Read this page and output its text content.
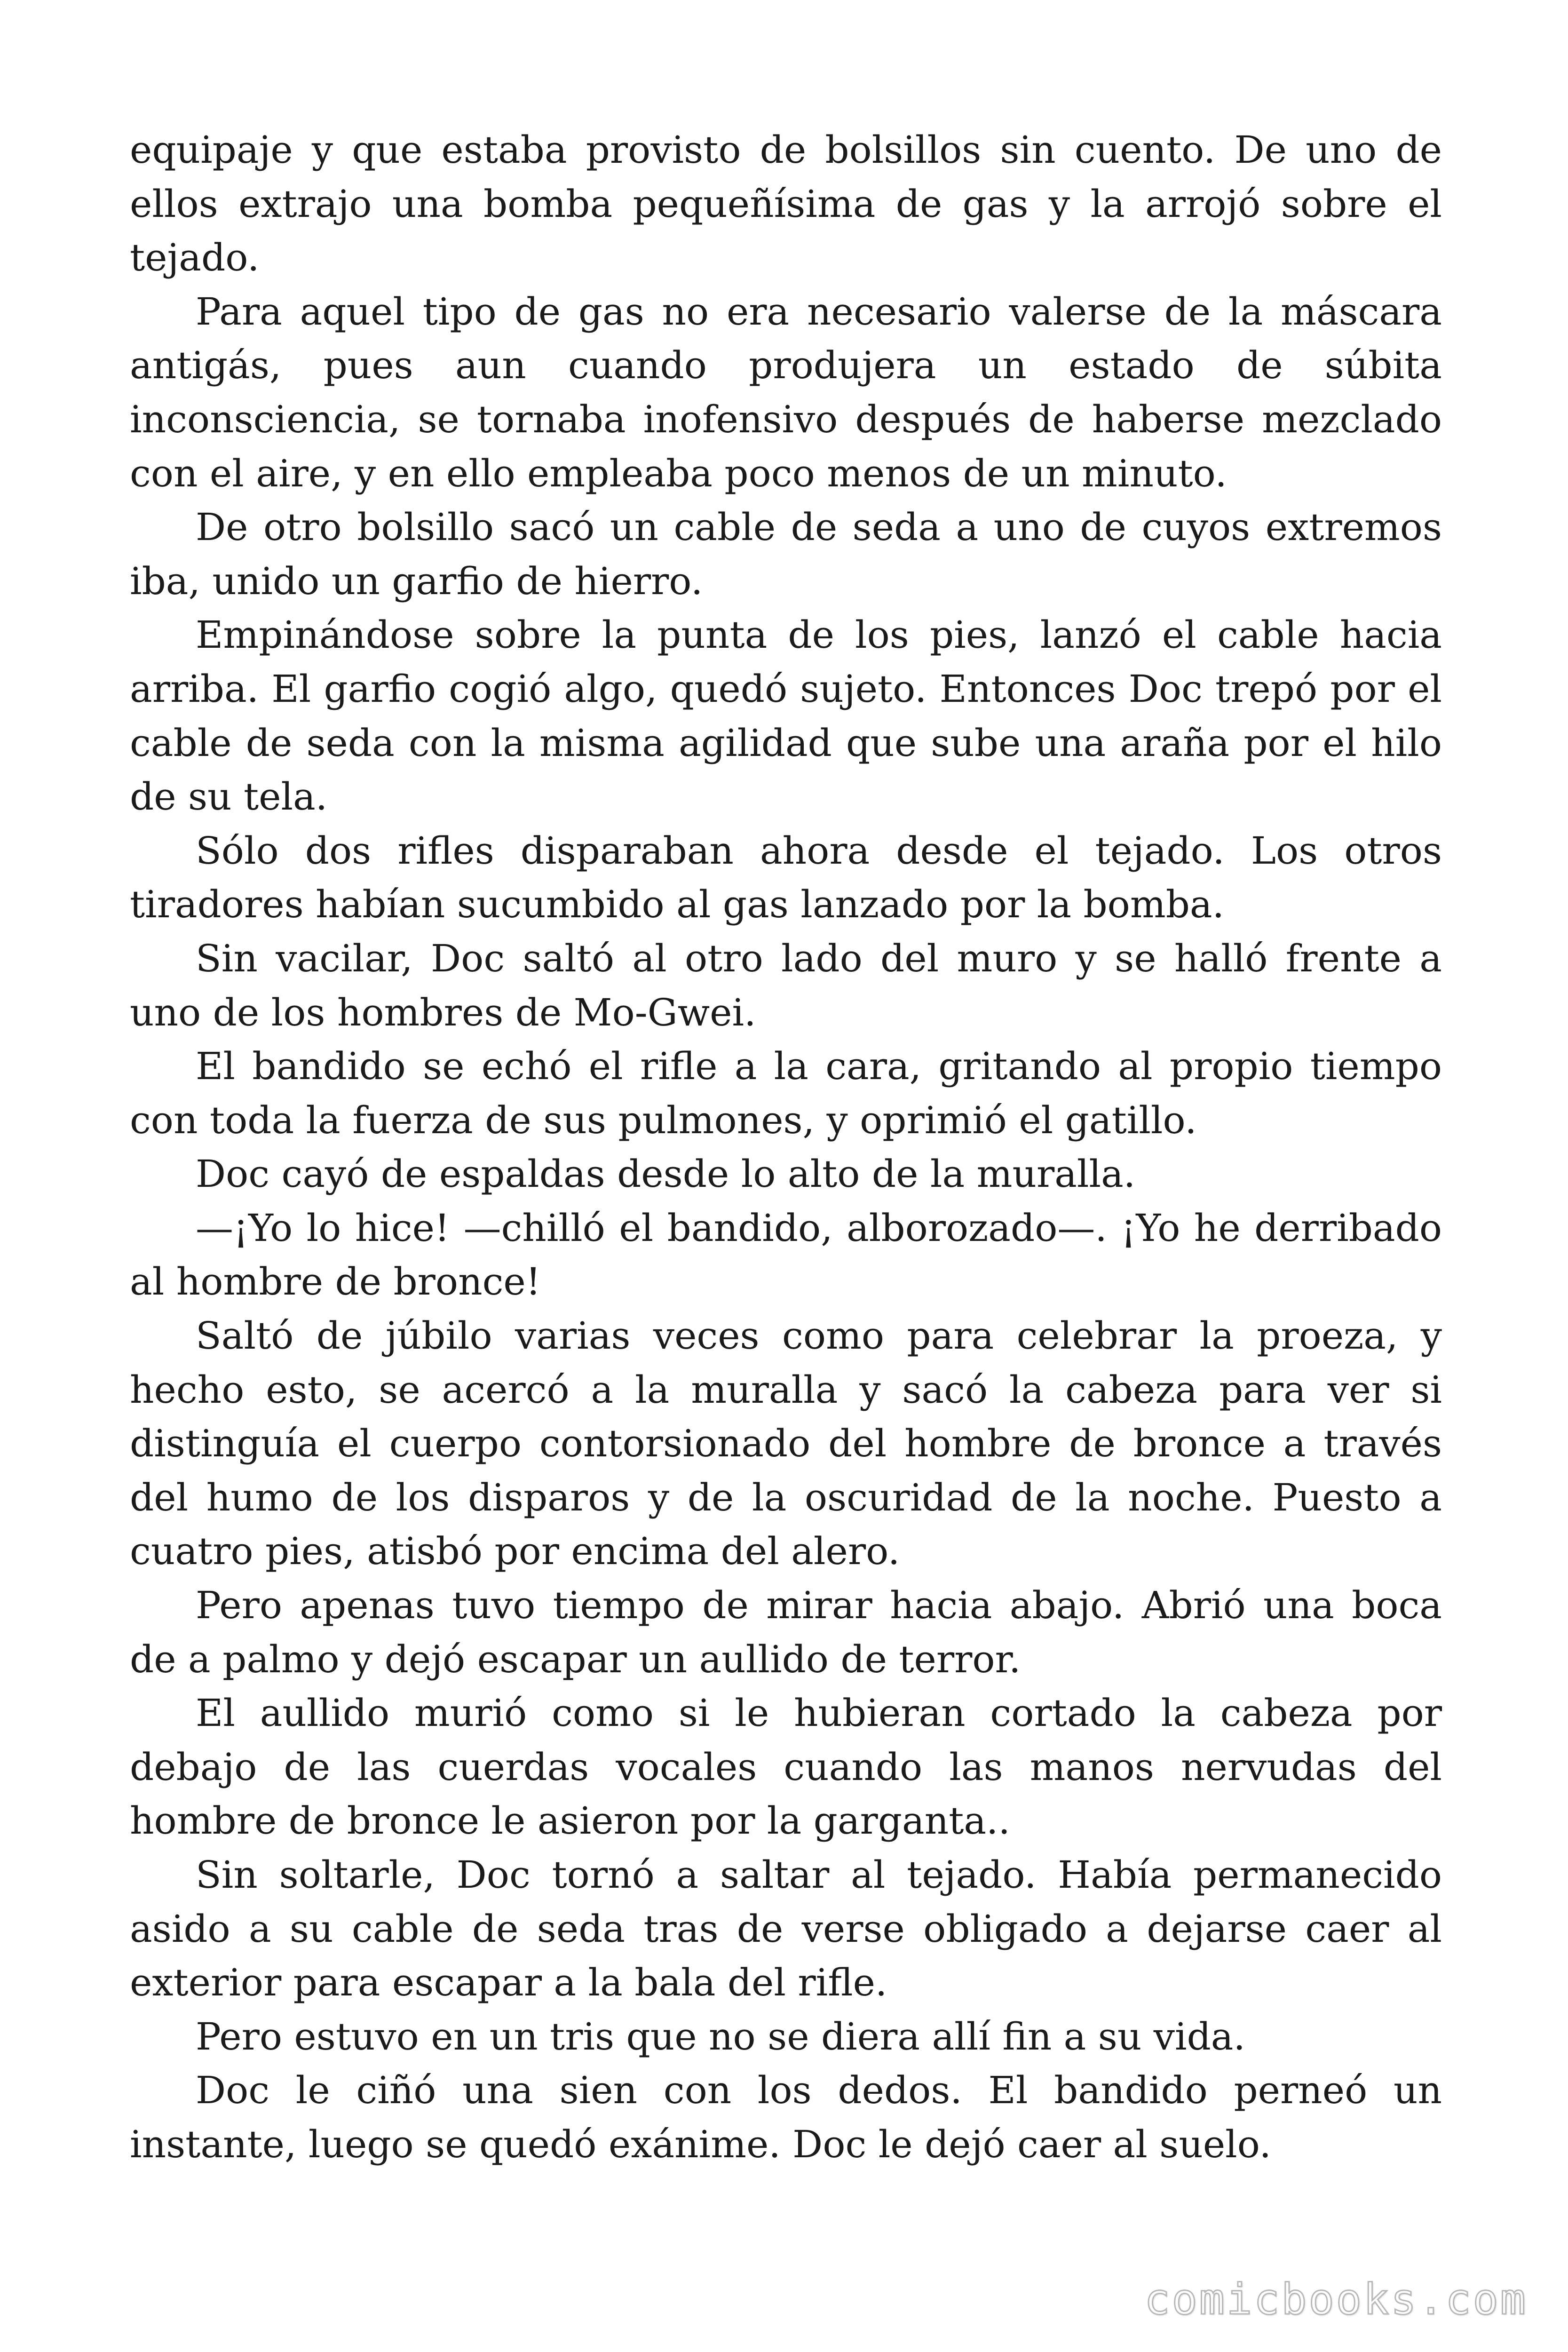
equipaje y que estaba provisto de bolsillos sin cuento. De uno de ellos extrajo una bomba pequeñísima de gas y la arrojó sobre el tejado.

Para aquel tipo de gas no era necesario valerse de la máscara antigás, pues aun cuando produjera un estado de súbita inconsciencia, se tornaba inofensivo después de haberse mezclado con el aire, y en ello empleaba poco menos de un minuto.

De otro bolsillo sacó un cable de seda a uno de cuyos extremos iba, unido un garfio de hierro.

Empinándose sobre la punta de los pies, lanzó el cable hacia arriba. El garfio cogió algo, quedó sujeto. Entonces Doc trepó por el cable de seda con la misma agilidad que sube una araña por el hilo de su tela.

Sólo dos rifles disparaban ahora desde el tejado. Los otros tiradores habían sucumbido al gas lanzado por la bomba.

Sin vacilar, Doc saltó al otro lado del muro y se halló frente a uno de los hombres de Mo-Gwei.

El bandido se echó el rifle a la cara, gritando al propio tiempo con toda la fuerza de sus pulmones, y oprimió el gatillo.

Doc cayó de espaldas desde lo alto de la muralla.

—¡Yo lo hice! —chilló el bandido, alborozado—. ¡Yo he derribado al hombre de bronce!

Saltó de júbilo varias veces como para celebrar la proeza, y hecho esto, se acercó a la muralla y sacó la cabeza para ver si distinguía el cuerpo contorsionado del hombre de bronce a través del humo de los disparos y de la oscuridad de la noche. Puesto a cuatro pies, atisbó por encima del alero.

Pero apenas tuvo tiempo de mirar hacia abajo. Abrió una boca de a palmo y dejó escapar un aullido de terror.

El aullido murió como si le hubieran cortado la cabeza por debajo de las cuerdas vocales cuando las manos nervudas del hombre de bronce le asieron por la garganta..

Sin soltarle, Doc tornó a saltar al tejado. Había permanecido asido a su cable de seda tras de verse obligado a dejarse caer al exterior para escapar a la bala del rifle.

Pero estuvo en un tris que no se diera allí fin a su vida.

Doc le ciñó una sien con los dedos. El bandido perneó un instante, luego se quedó exánime. Doc le dejó caer al suelo.

comicbooks.com
